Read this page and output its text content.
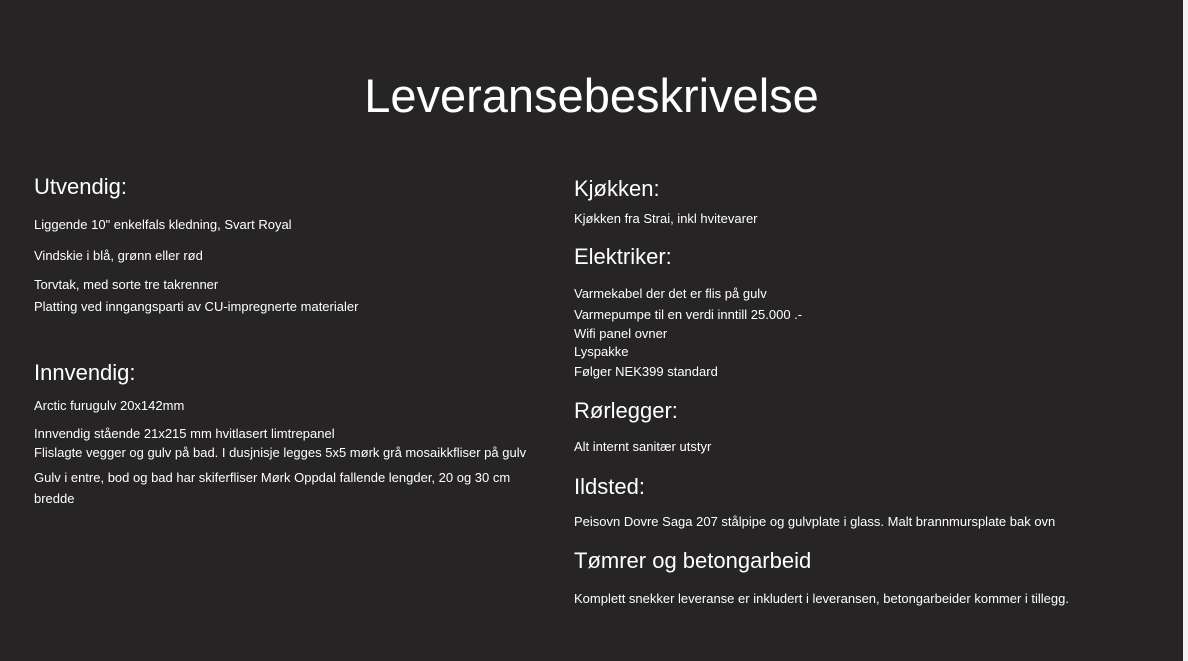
Leveransebeskrivelse
Utvendig:
Liggende 10" enkelfals kledning, Svart Royal
Vindskie i blå, grønn eller rød
Torvtak, med sorte tre takrenner
Platting ved inngangsparti av CU-impregnerte materialer
Innvendig:
Arctic furugulv 20x142mm
Innvendig stående 21x215 mm hvitlasert limtrepanel
Flislagte vegger og gulv på bad. I dusjnisje legges 5x5 mørk grå mosaikkfliser på gulv
Gulv i entre, bod og bad har skiferfliser Mørk Oppdal fallende lengder, 20 og 30 cm bredde
Kjøkken:
Kjøkken fra Strai, inkl hvitevarer
Elektriker:
Varmekabel der det er flis på gulv
Varmepumpe til en verdi inntill 25.000 .-
Wifi panel ovner
Lyspakke
Følger NEK399 standard
Rørlegger:
Alt internt sanitær utstyr
Ildsted:
Peisovn Dovre Saga 207 stålpipe og gulvplate i glass. Malt brannmursplate bak ovn
Tømrer og betongarbeid
Komplett snekker leveranse er inkludert i leveransen, betongarbeider kommer i tillegg.
